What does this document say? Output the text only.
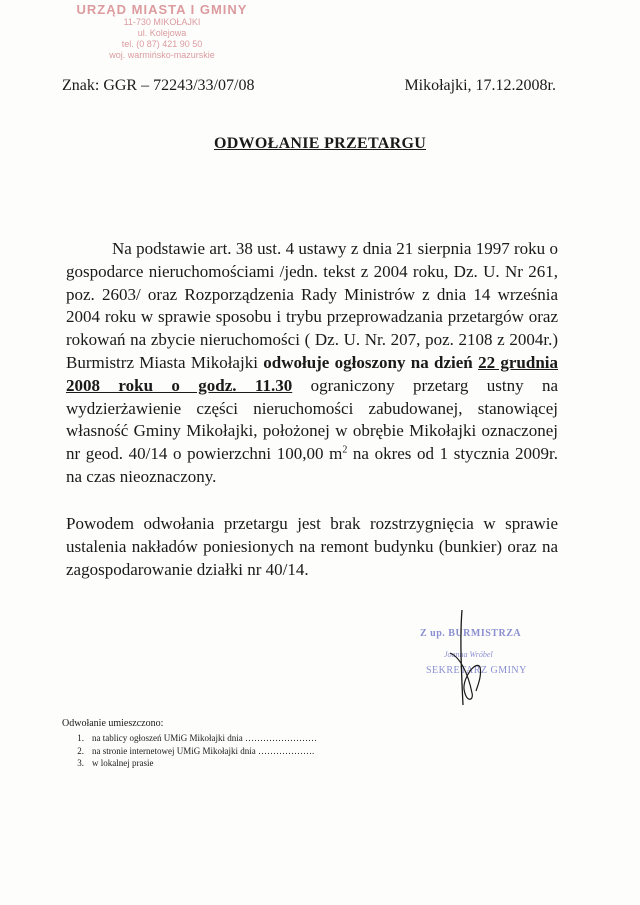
URZĄD MIASTA I GMINY
11-730 MIKOŁAJKI
ul. Kolejowa
tel. (0 87) 421 90 50
woj. warmińsko-mazurskie
Znak: GGR – 72243/33/07/08	Mikołajki, 17.12.2008r.
ODWOŁANIE PRZETARGU
Na podstawie art. 38 ust. 4 ustawy z dnia 21 sierpnia 1997 roku o gospodarce nieruchomościami /jedn. tekst z 2004 roku, Dz. U. Nr 261, poz. 2603/ oraz Rozporządzenia Rady Ministrów z dnia 14 września 2004 roku w sprawie sposobu i trybu przeprowadzania przetargów oraz rokowań na zbycie nieruchomości ( Dz. U. Nr. 207, poz. 2108 z 2004r.) Burmistrz Miasta Mikołajki odwołuje ogłoszony na dzień 22 grudnia 2008 roku o godz. 11.30 ograniczony przetarg ustny na wydzierżawienie części nieruchomości zabudowanej, stanowiącej własność Gminy Mikołajki, położonej w obrębie Mikołajki oznaczonej nr geod. 40/14 o powierzchni 100,00 $m^2$ na okres od 1 stycznia 2009r. na czas nieoznaczony.
Powodem odwołania przetargu jest brak rozstrzygnięcia w sprawie ustalenia nakładów poniesionych na remont budynku (bunkier) oraz na zagospodarowanie działki nr 40/14.
Z up. BURMISTRZA
Joanna Wróbel
SEKRETARZ GMINY
Odwołanie umieszczono:
1. na tablicy ogłoszeń UMiG Mikołajki dnia ……………………
2. na stronie internetowej UMiG Mikołajki dnia ……………….
3. w lokalnej prasie
